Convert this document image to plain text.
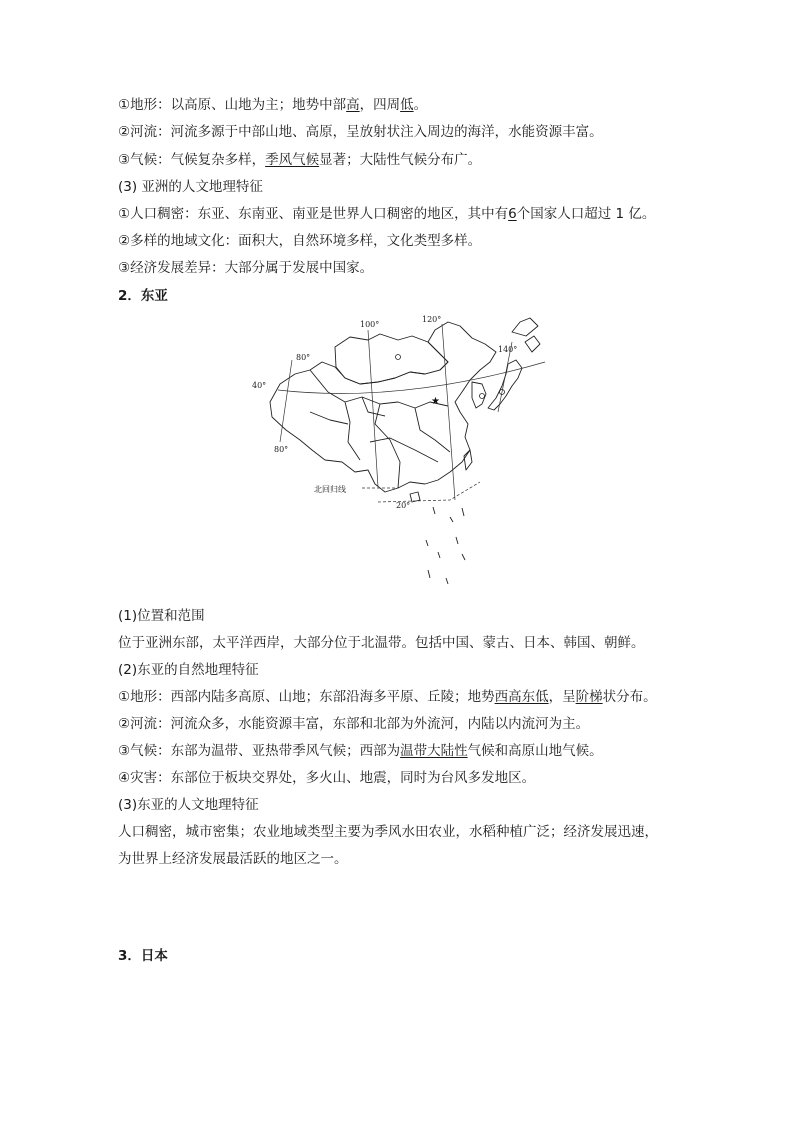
①地形：以高原、山地为主；地势中部高，四周低。
②河流：河流多源于中部山地、高原，呈放射状注入周边的海洋，水能资源丰富。
③气候：气候复杂多样，季风气候显著；大陆性气候分布广。
(3) 亚洲的人文地理特征
①人口稠密：东亚、东南亚、南亚是世界人口稠密的地区，其中有6个国家人口超过 1 亿。
②多样的地域文化：面积大，自然环境多样，文化类型多样。
③经济发展差异：大部分属于发展中国家。
2．东亚
★
100°
120°
140°
80°
40°
80°
北回归线
20°
(1)位置和范围
位于亚洲东部，太平洋西岸，大部分位于北温带。包括中国、蒙古、日本、韩国、朝鲜。
(2)东亚的自然地理特征
①地形：西部内陆多高原、山地；东部沿海多平原、丘陵；地势西高东低，呈阶梯状分布。
②河流：河流众多，水能资源丰富，东部和北部为外流河，内陆以内流河为主。
③气候：东部为温带、亚热带季风气候；西部为温带大陆性气候和高原山地气候。
④灾害：东部位于板块交界处，多火山、地震，同时为台风多发地区。
(3)东亚的人文地理特征
人口稠密，城市密集；农业地域类型主要为季风水田农业，水稻种植广泛；经济发展迅速，
为世界上经济发展最活跃的地区之一。
3．日本
